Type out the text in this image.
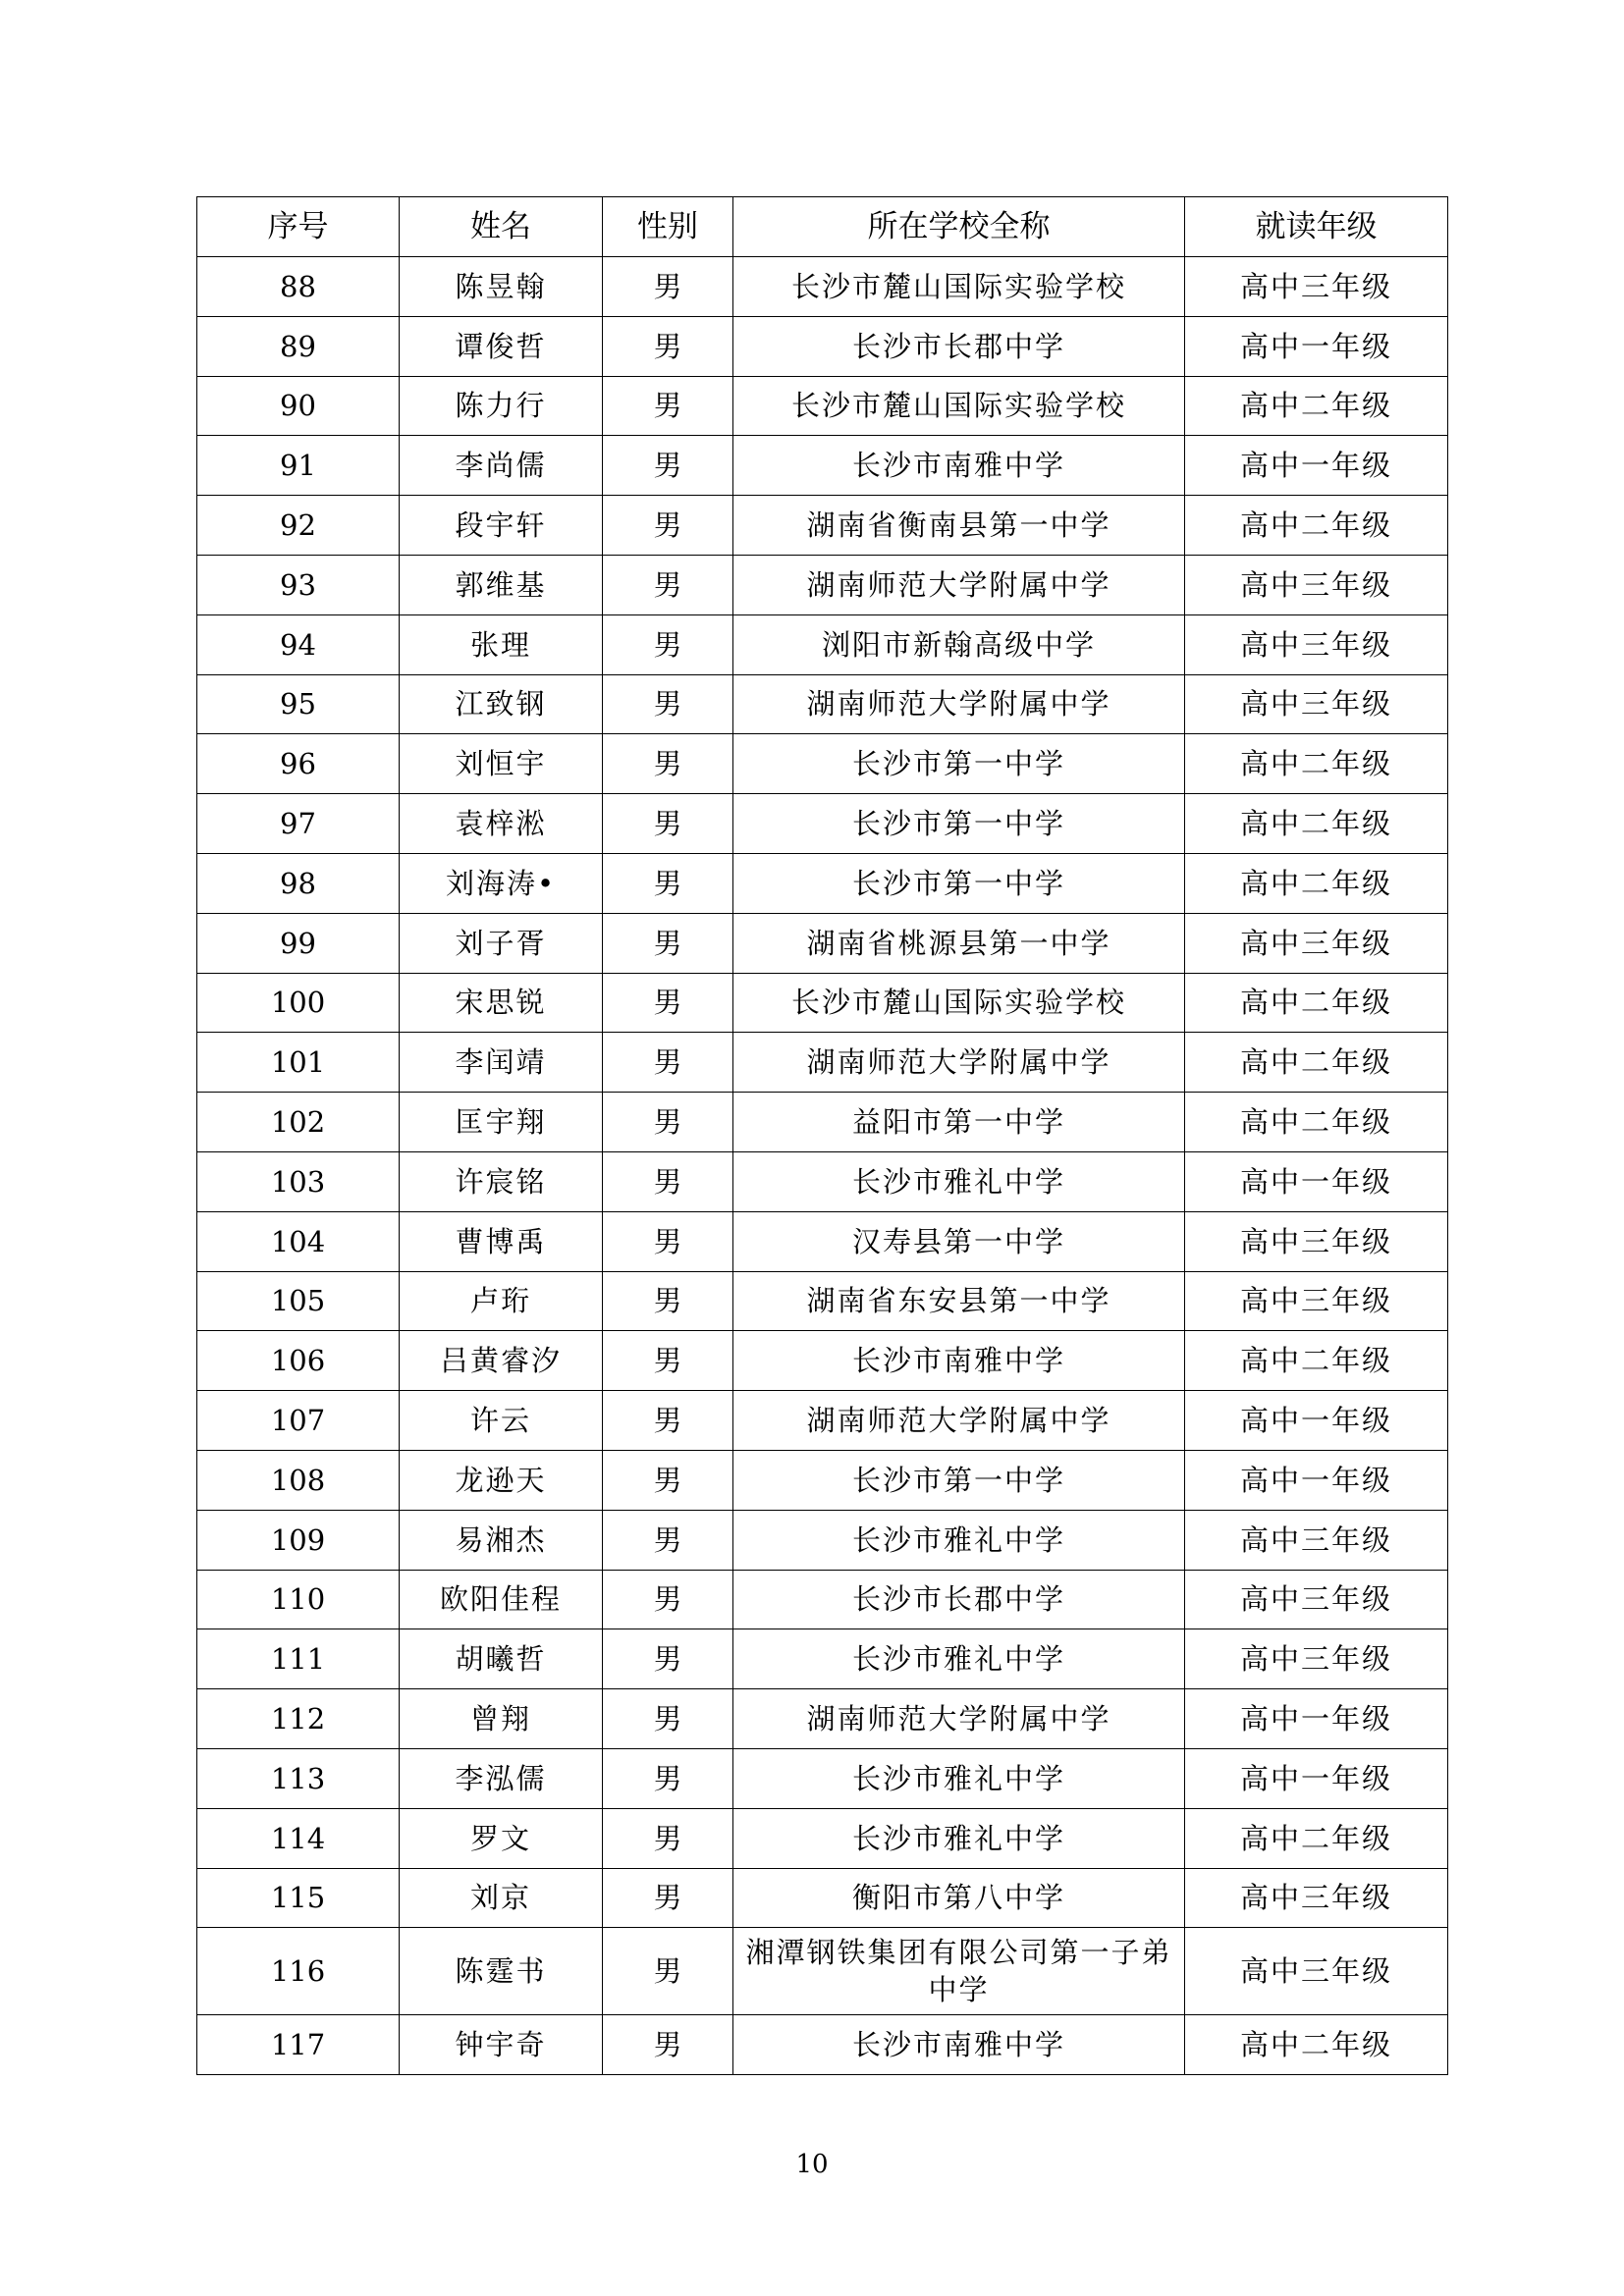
序号	姓名	性别	所在学校全称	就读年级
88	陈昱翰	男	长沙市麓山国际实验学校	高中三年级
89	谭俊哲	男	长沙市长郡中学	高中一年级
90	陈力行	男	长沙市麓山国际实验学校	高中二年级
91	李尚儒	男	长沙市南雅中学	高中一年级
92	段宇轩	男	湖南省衡南县第一中学	高中二年级
93	郭维基	男	湖南师范大学附属中学	高中三年级
94	张理	男	浏阳市新翰高级中学	高中三年级
95	江致钢	男	湖南师范大学附属中学	高中三年级
96	刘恒宇	男	长沙市第一中学	高中二年级
97	袁梓淞	男	长沙市第一中学	高中二年级
98	刘海涛•	男	长沙市第一中学	高中二年级
99	刘子胥	男	湖南省桃源县第一中学	高中三年级
100	宋思锐	男	长沙市麓山国际实验学校	高中二年级
101	李闰靖	男	湖南师范大学附属中学	高中二年级
102	匡宇翔	男	益阳市第一中学	高中二年级
103	许宸铭	男	长沙市雅礼中学	高中一年级
104	曹博禹	男	汉寿县第一中学	高中三年级
105	卢珩	男	湖南省东安县第一中学	高中三年级
106	吕黄睿汐	男	长沙市南雅中学	高中二年级
107	许云	男	湖南师范大学附属中学	高中一年级
108	龙逊天	男	长沙市第一中学	高中一年级
109	易湘杰	男	长沙市雅礼中学	高中三年级
110	欧阳佳程	男	长沙市长郡中学	高中三年级
111	胡曦哲	男	长沙市雅礼中学	高中三年级
112	曾翔	男	湖南师范大学附属中学	高中一年级
113	李泓儒	男	长沙市雅礼中学	高中一年级
114	罗文	男	长沙市雅礼中学	高中二年级
115	刘京	男	衡阳市第八中学	高中三年级
116	陈霆书	男	湘潭钢铁集团有限公司第一子弟中学	高中三年级
117	钟宇奇	男	长沙市南雅中学	高中二年级
10
